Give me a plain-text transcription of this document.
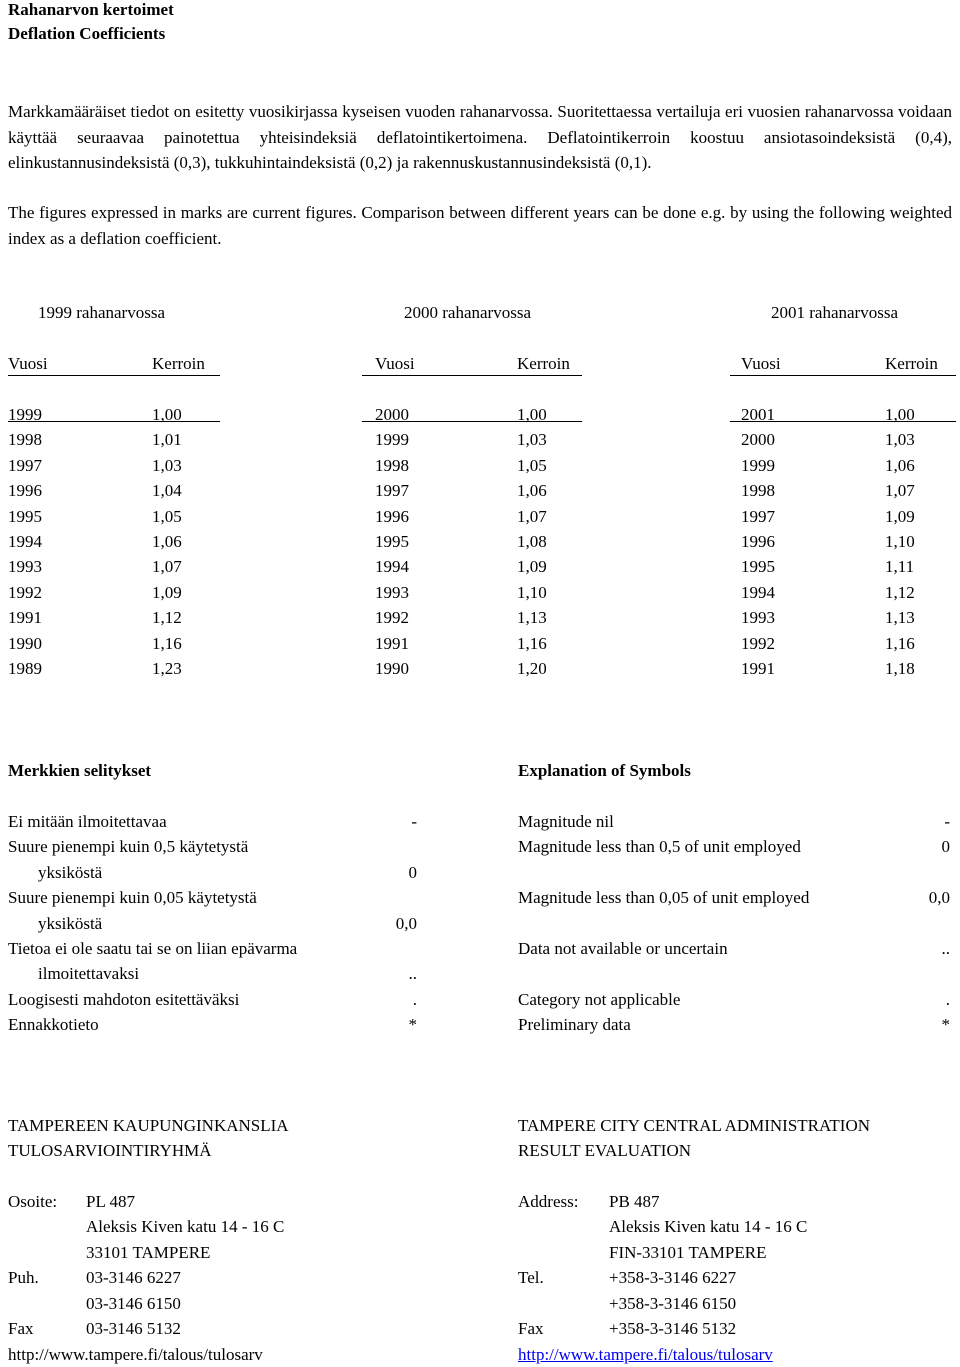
Rahanarvon kertoimet
Deflation Coefficients
Markkamääräiset tiedot on esitetty vuosikirjassa kyseisen vuoden rahanarvossa. Suoritettaessa vertailuja eri vuosien rahanarvossa voidaan käyttää seuraavaa painotettua yhteisindeksiä deflatointikertoimena. Deflatointikerroin koostuu ansiotasoindeksistä (0,4), elinkustannusindeksistä (0,3), tukkuhintaindeksistä (0,2) ja rakennuskustannusindeksistä (0,1).
The figures expressed in marks are current figures. Comparison between different years can be done e.g. by using the following weighted index as a deflation coefficient.
1999 rahanarvossa
Vuosi	Kerroin
1999	1,00
1998	1,01
1997	1,03
1996	1,04
1995	1,05
1994	1,06
1993	1,07
1992	1,09
1991	1,12
1990	1,16
1989	1,23
2000 rahanarvossa
Vuosi	Kerroin
2000	1,00
1999	1,03
1998	1,05
1997	1,06
1996	1,07
1995	1,08
1994	1,09
1993	1,10
1992	1,13
1991	1,16
1990	1,20
2001 rahanarvossa
Vuosi	Kerroin
2001	1,00
2000	1,03
1999	1,06
1998	1,07
1997	1,09
1996	1,10
1995	1,11
1994	1,12
1993	1,13
1992	1,16
1991	1,18
Merkkien selitykset
Ei mitään ilmoitettavaa	-
Suure pienempi kuin 0,5 käytetystä
yksiköstä	0
Suure pienempi kuin 0,05 käytetystä
yksiköstä	0,0
Tietoa ei ole saatu tai se on liian epävarma
ilmoitettavaksi	..
Loogisesti mahdoton esitettäväksi	.
Ennakkotieto	*
Explanation of Symbols
Magnitude nil	-
Magnitude less than 0,5 of unit employed	0
Magnitude less than 0,05 of unit employed	0,0
Data not available or uncertain	..
Category not applicable	.
Preliminary data	*
TAMPEREEN KAUPUNGINKANSLIA
TULOSARVIOINTIRYHMÄ
Osoite: PL 487
Aleksis Kiven katu 14 - 16 C
33101 TAMPERE
Puh.	03-3146 6227
03-3146 6150
Fax	03-3146 5132
http://www.tampere.fi/talous/tulosarv
TAMPERE CITY CENTRAL ADMINISTRATION
RESULT EVALUATION
Address: PB 487
Aleksis Kiven katu 14 - 16 C
FIN-33101 TAMPERE
Tel.	+358-3-3146 6227
+358-3-3146 6150
Fax	+358-3-3146 5132
http://www.tampere.fi/talous/tulosarv
